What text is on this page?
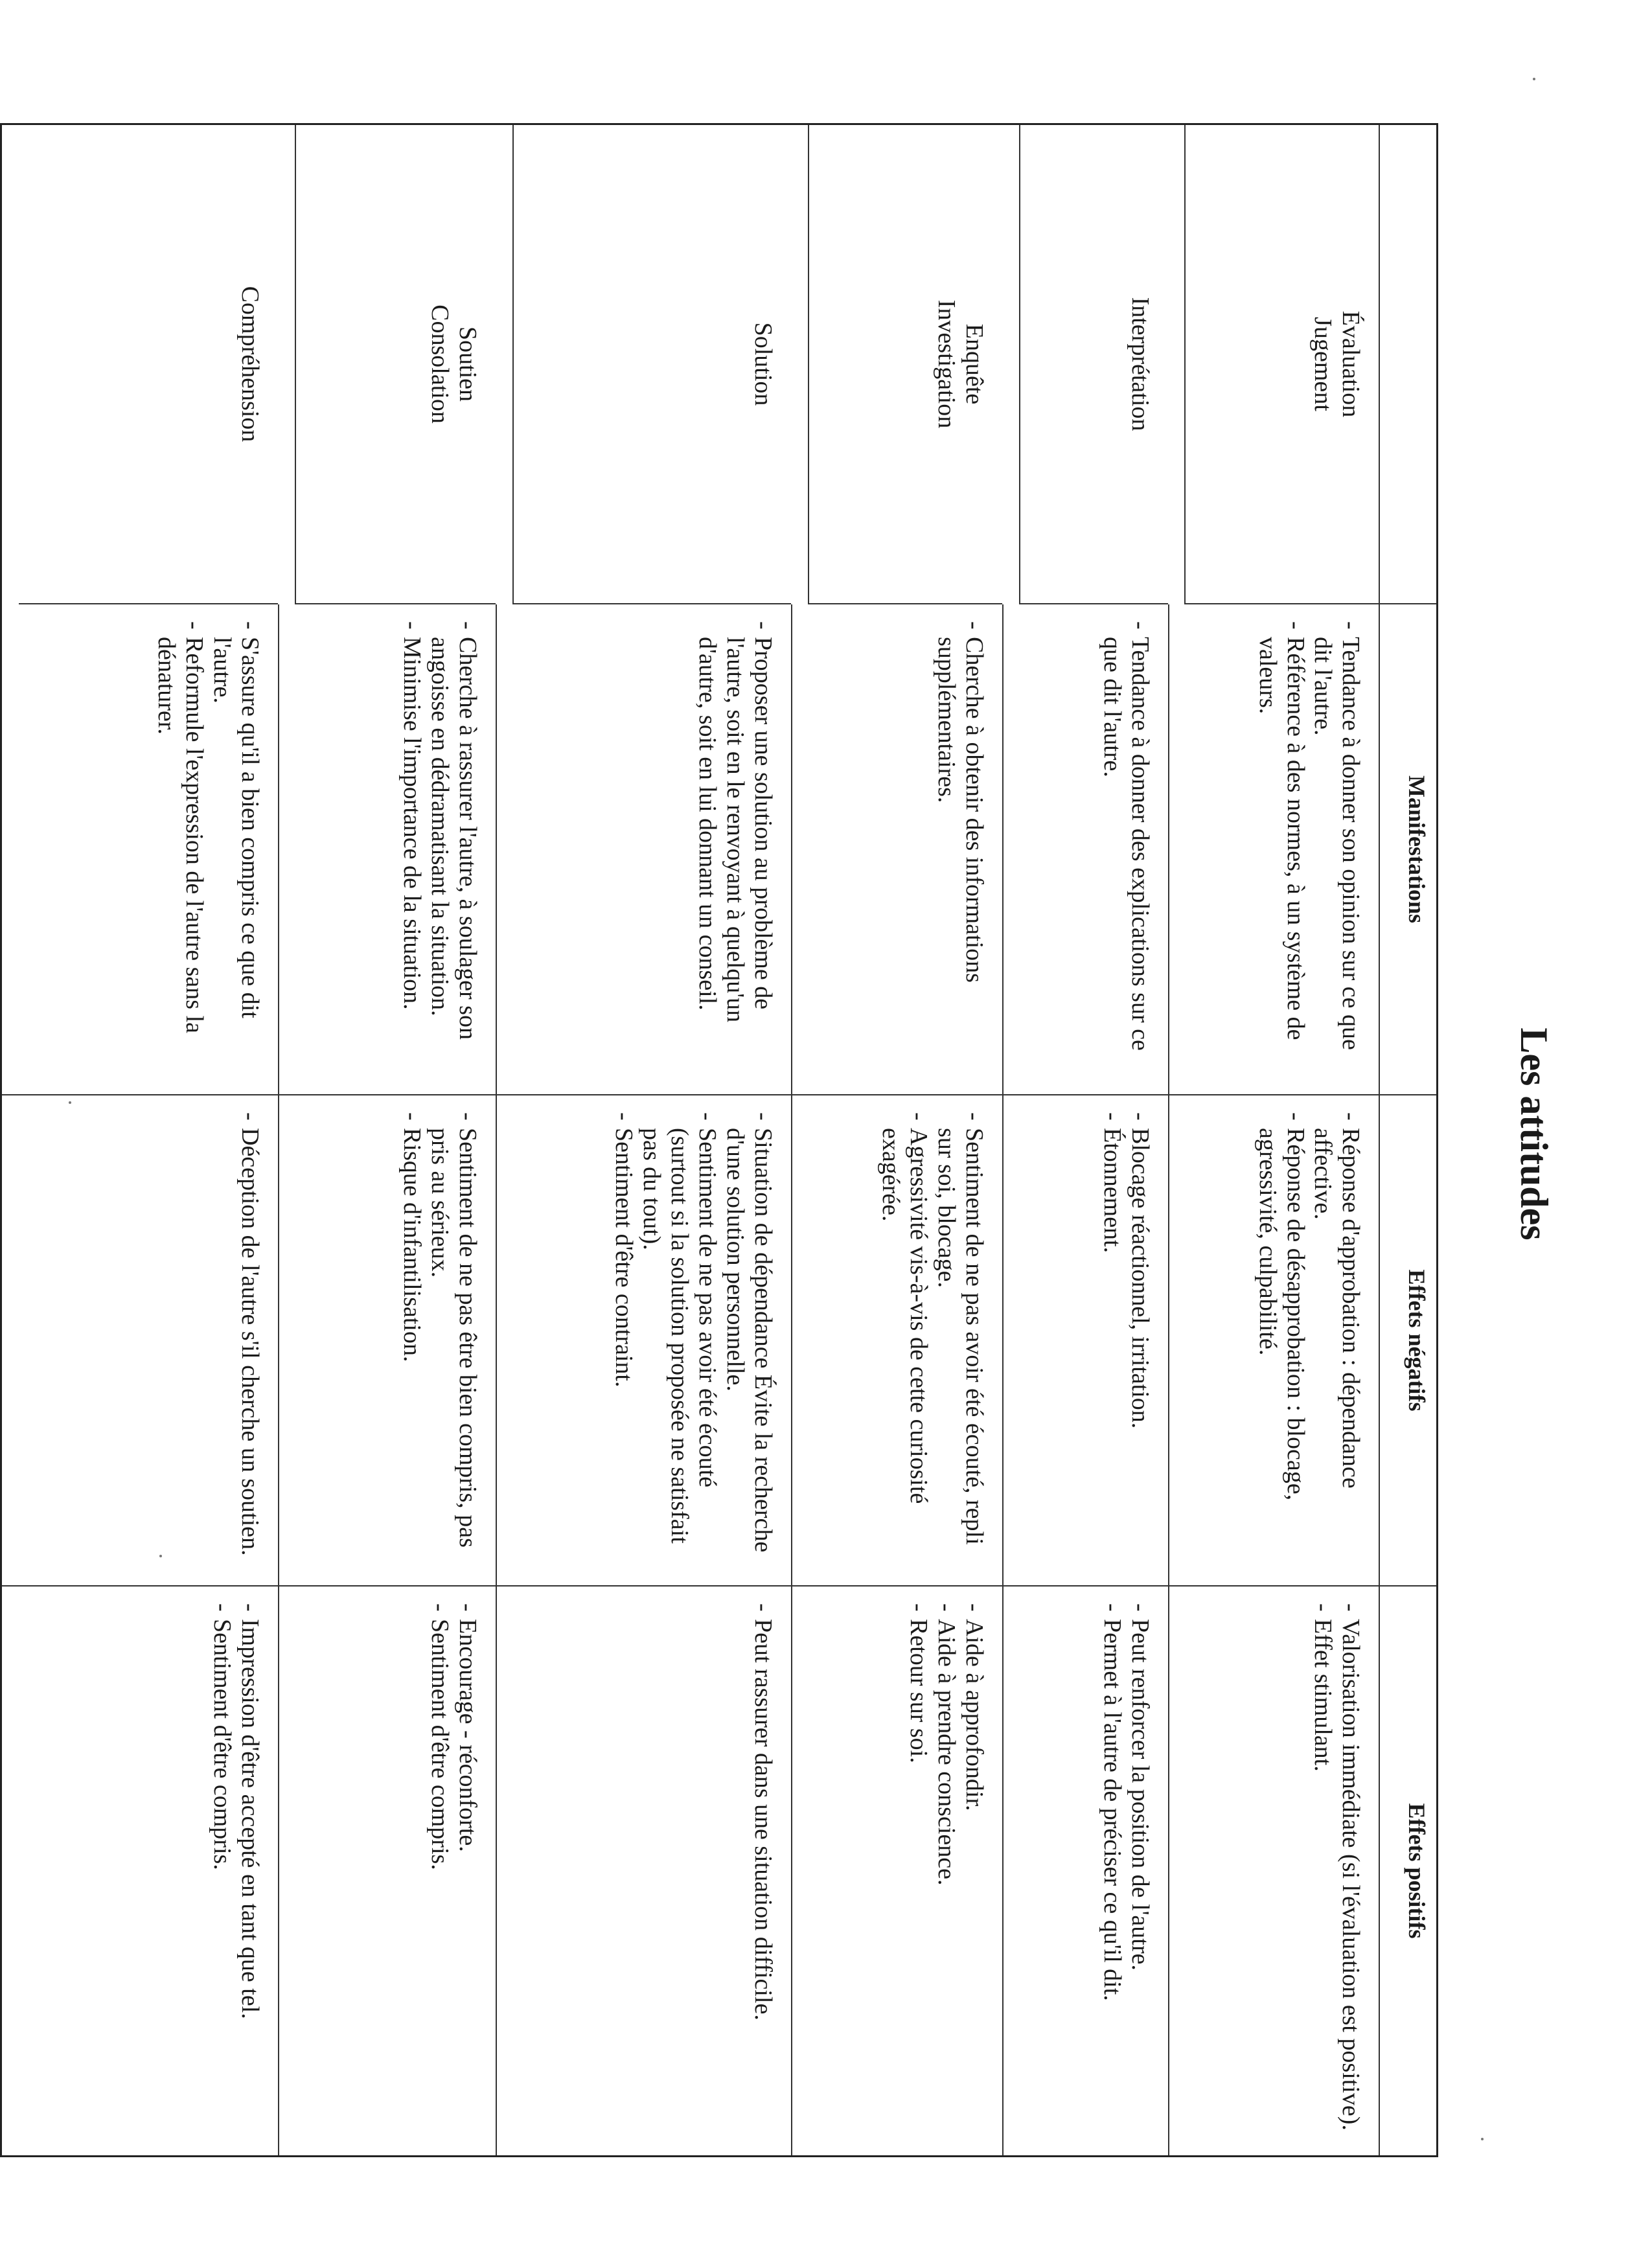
Les attitudes
Manifestations
Effets négatifs
Effets positifs
Évaluation
Jugement
- Tendance à donner son opinion sur ce que dit l'autre.
- Référence à des normes, à un système de valeurs.
- Réponse d'approbation : dépendance affective.
- Réponse de désapprobation : blocage, agressivité, culpabilité.
- Valorisation immédiate (si l'évaluation est positive).
- Effet stimulant.
Interprétation
- Tendance à donner des explications sur ce que dit l'autre.
- Blocage réactionnel, irritation.
- Étonnement.
- Peut renforcer la position de l'autre.
- Permet à l'autre de préciser ce qu'il dit.
Enquête
Investigation
- Cherche à obtenir des informations supplémentaires.
- Sentiment de ne pas avoir été écouté, repli sur soi, blocage.
- Agressivité vis-à-vis de cette curiosité exagérée.
- Aide à approfondir.
- Aide à prendre conscience.
- Retour sur soi.
Solution
- Proposer une solution au problème de l'autre, soit en le renvoyant à quelqu'un d'autre, soit en lui donnant un conseil.
- Situation de dépendance Évite la recherche d'une solution personnelle.
- Sentiment de ne pas avoir été écouté (surtout si la solution proposée ne satisfait pas du tout).
- Sentiment d'être contraint.
- Peut rassurer dans une situation difficile.
Soutien
Consolation
- Cherche à rassurer l'autre, à soulager son angoisse en dédramatisant la situation.
- Minimise l'importance de la situation.
- Sentiment de ne pas être bien compris, pas pris au sérieux.
- Risque d'infantilisation.
- Encourage - réconforte.
- Sentiment d'être compris.
Compréhension
- S'assure qu'il a bien compris ce que dit l'autre.
- Reformule l'expression de l'autre sans la dénaturer.
- Déception de l'autre s'il cherche un soutien.
- Impression d'être accepté en tant que tel.
- Sentiment d'être compris.
